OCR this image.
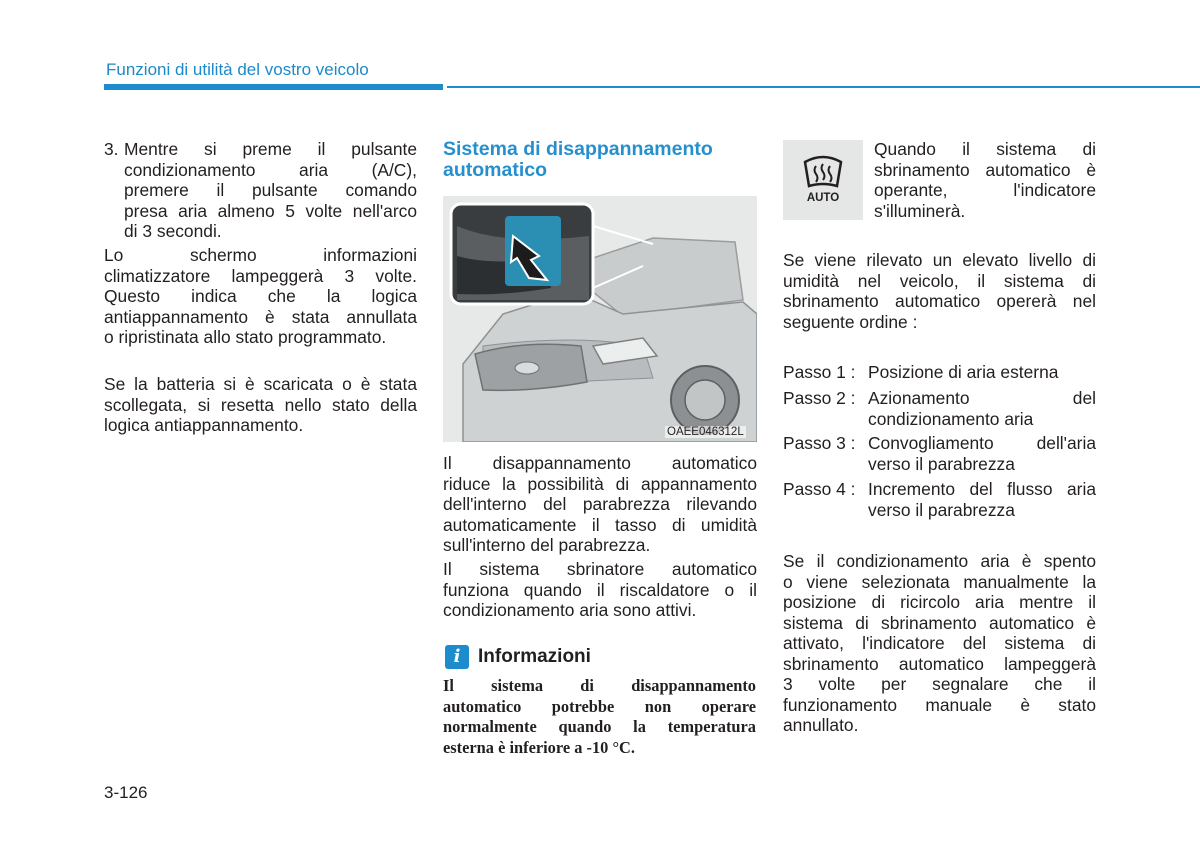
Funzioni di utilità del vostro veicolo
3. Mentre si preme il pulsante
condizionamento aria (A/C),
premere il pulsante comando
presa aria almeno 5 volte nell'arco
di 3 secondi.
Lo schermo informazioni
climatizzatore lampeggerà 3 volte.
Questo indica che la logica
antiappannamento è stata annullata
o ripristinata allo stato programmato.
Se la batteria si è scaricata o è stata
scollegata, si resetta nello stato della
logica antiappannamento.
Sistema di disappannamento
automatico
OAEE046312L
Il disappannamento automatico
riduce la possibilità di appannamento
dell'interno del parabrezza rilevando
automaticamente il tasso di umidità
sull'interno del parabrezza.
Il sistema sbrinatore automatico
funziona quando il riscaldatore o il
condizionamento aria sono attivi.
i Informazioni
Il sistema di disappannamento
automatico potrebbe non operare
normalmente quando la temperatura
esterna è inferiore a -10 °C.
AUTO
Quando il sistema di
sbrinamento automatico è
operante, l'indicatore
s'illuminerà.
Se viene rilevato un elevato livello di
umidità nel veicolo, il sistema di
sbrinamento automatico opererà nel
seguente ordine :
Passo 1 : Posizione di aria esterna
Passo 2 : Azionamento del
condizionamento aria
Passo 3 : Convogliamento dell'aria
verso il parabrezza
Passo 4 : Incremento del flusso aria
verso il parabrezza
Se il condizionamento aria è spento
o viene selezionata manualmente la
posizione di ricircolo aria mentre il
sistema di sbrinamento automatico è
attivato, l'indicatore del sistema di
sbrinamento automatico lampeggerà
3 volte per segnalare che il
funzionamento manuale è stato
annullato.
3-126
